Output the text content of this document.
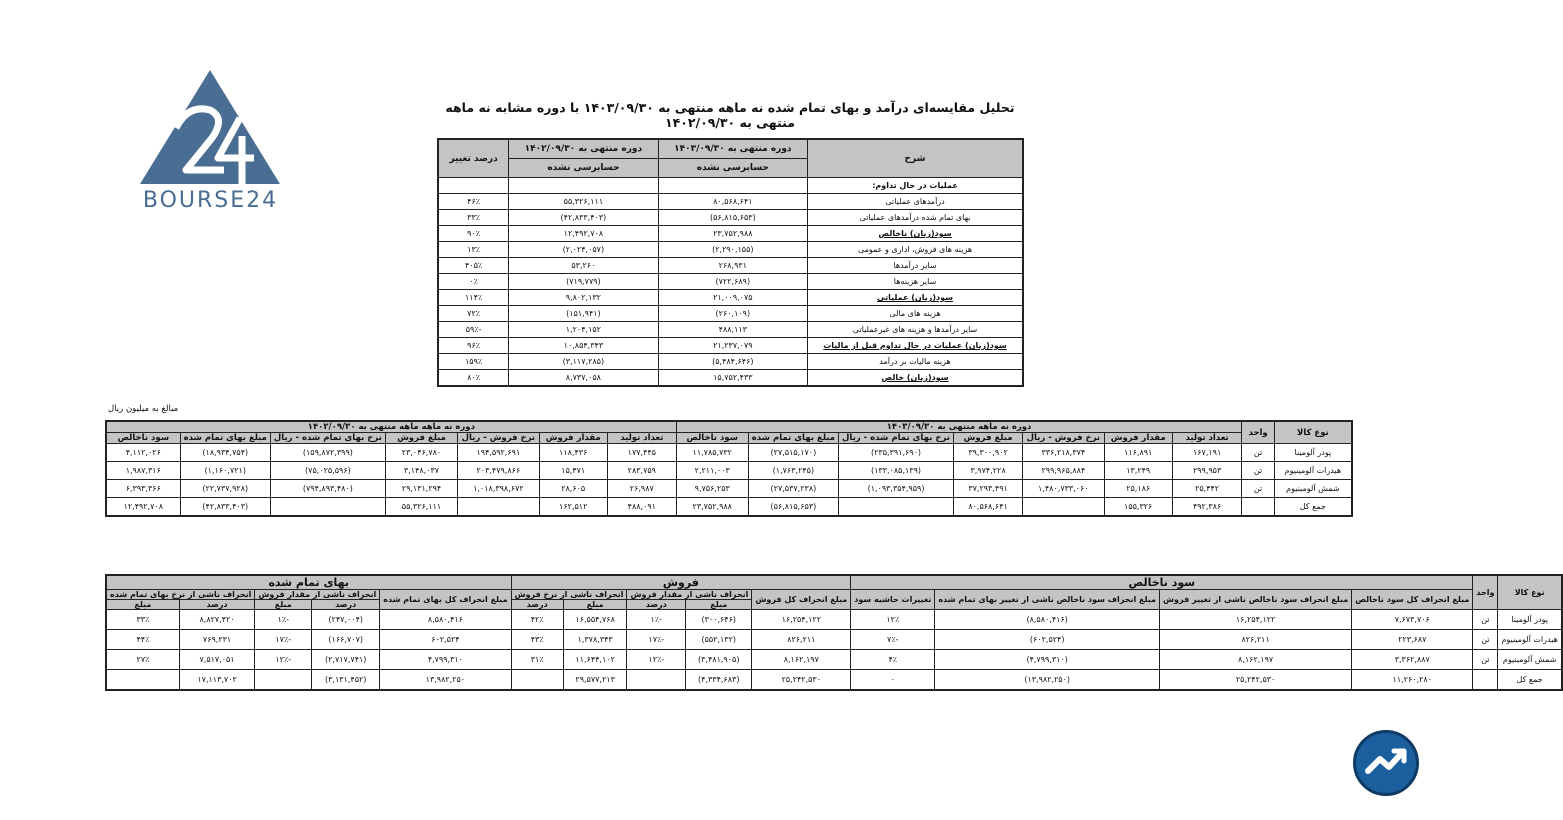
BOURSE24
تحلیل مقایسه‌ای درآمد و بهای تمام شده نه ماهه منتهی به ۱۴۰۳/۰۹/۳۰ با دوره مشابه نه ماهه منتهی به ۱۴۰۲/۰۹/۳۰
شرح	دوره منتهی به ۱۴۰۳/۰۹/۳۰	دوره منتهی به ۱۴۰۲/۰۹/۳۰	درصد تغییر
	حسابرسی نشده	حسابرسی نشده	
عملیات در حال تداوم:			
درآمدهای عملیاتی	۸۰,۵۶۸,۶۴۱	۵۵,۳۲۶,۱۱۱	۴۶٪
بهای تمام شده درآمدهای عملیاتی	(۵۶,۸۱۵,۶۵۳)	(۴۲,۸۳۳,۴۰۳)	۳۳٪
سود(زیان) ناخالص	۲۳,۷۵۲,۹۸۸	۱۲,۴۹۲,۷۰۸	۹۰٪
هزینه های فروش، اداری و عمومی	(۲,۲۹۰,۱۵۵)	(۲,۰۲۴,۰۵۷)	۱۳٪
سایر درآمدها	۲۶۸,۹۳۱	۵۳,۲۶۰	۴۰۵٪
سایر هزینه‌ها	(۷۲۲,۶۸۹)	(۷۱۹,۷۷۹)	۰٪
سود(زیان) عملیاتی	۲۱,۰۰۹,۰۷۵	۹,۸۰۲,۱۳۲	۱۱۴٪
هزینه های مالی	(۲۶۰,۱۰۹)	(۱۵۱,۹۴۱)	۷۲٪
سایر درآمدها و هزینه های غیرعملیاتی	۴۸۸,۱۱۳	۱,۲۰۴,۱۵۲	-۵۹٪
سود(زیان) عملیات در حال تداوم قبل از مالیات	۲۱,۲۳۷,۰۷۹	۱۰,۸۵۴,۳۴۳	۹۶٪
هزینه مالیات بر درآمد	(۵,۴۸۴,۶۴۶)	(۳,۱۱۷,۲۸۵)	۱۵۹٪
سود(زیان) خالص	۱۵,۷۵۲,۴۳۳	۸,۷۳۷,۰۵۸	۸۰٪
مبالغ به میلیون ریال
نوع کالا	واحد	دوره نه ماهه منتهی به ۱۴۰۳/۰۹/۳۰							دوره نه ماهه ماهه منتهی به ۱۴۰۲/۰۹/۳۰						
		تعداد تولید	مقدار فروش	نرخ فروش - ریال	مبلغ فروش	نرخ بهای تمام شده - ریال	مبلغ بهای تمام شده	سود ناخالص	تعداد تولید	مقدار فروش	نرخ فروش - ریال	مبلغ فروش	نرخ بهای تمام شده - ریال	مبلغ بهای تمام شده	سود ناخالص
پودر آلومینا	تن	۱۶۷,۱۹۱	۱۱۶,۸۹۱	۳۳۶,۲۱۸,۳۷۴	۳۹,۳۰۰,۹۰۲	(۲۳۵,۳۹۱,۶۹۰)	(۲۷,۵۱۵,۱۷۰)	۱۱,۷۸۵,۷۳۲	۱۷۷,۴۴۵	۱۱۸,۴۳۶	۱۹۴,۵۹۲,۶۹۱	۲۳,۰۴۶,۷۸۰	(۱۵۹,۸۷۲,۳۹۹)	(۱۸,۹۳۴,۷۵۴)	۴,۱۱۲,۰۲۶
هیدرات آلومینیوم	تن	۲۹۹,۹۵۳	۱۳,۲۴۹	۲۹۹,۹۶۵,۸۸۴	۳,۹۷۴,۲۲۸	(۱۳۳,۰۸۵,۱۳۹)	(۱,۷۶۳,۲۴۵)	۲,۲۱۱,۰۰۳	۲۸۳,۷۵۹	۱۵,۴۷۱	۲۰۳,۴۷۹,۸۶۶	۳,۱۴۸,۰۳۷	(۷۵,۰۲۵,۵۹۶)	(۱,۱۶۰,۷۲۱)	۱,۹۸۷,۳۱۶
شمش آلومینیوم	تن	۲۵,۴۴۲	۲۵,۱۸۶	۱,۴۸۰,۷۳۳,۰۶۰	۳۷,۲۹۳,۴۹۱	(۱,۰۹۳,۳۵۴,۹۵۹)	(۲۷,۵۳۷,۲۳۸)	۹,۷۵۶,۲۵۳	۲۶,۹۸۷	۲۸,۶۰۵	۱,۰۱۸,۳۹۸,۶۷۲	۲۹,۱۳۱,۲۹۴	(۷۹۴,۸۹۳,۴۸۰)	(۲۲,۷۳۷,۹۲۸)	۶,۳۹۳,۳۶۶
جمع کل		۴۹۲,۳۸۶	۱۵۵,۳۲۶		۸۰,۵۶۸,۶۴۱		(۵۶,۸۱۵,۶۵۳)	۲۳,۷۵۲,۹۸۸	۴۸۸,۰۹۱	۱۶۲,۵۱۲		۵۵,۳۲۶,۱۱۱		(۴۲,۸۳۳,۴۰۳)	۱۲,۴۹۲,۷۰۸
نوع کالا	واحد	سود ناخالص				فروش					بهای تمام شده				
		مبلغ انحراف کل سود ناخالص	مبلغ انحراف سود ناخالص ناشی از تغییر فروش	مبلغ انحراف سود ناخالص ناشی از تغییر بهای تمام شده	تغییرات حاشیه سود	مبلغ انحراف کل فروش	انحراف ناشی از مقدار فروش		انحراف ناشی از نرخ فروش		مبلغ انحراف کل بهای تمام شده	انحراف ناشی از مقدار فروش		انحراف ناشی از نرخ بهای تمام شده	
							مبلغ	درصد	مبلغ	درصد		درصد	مبلغ	درصد	مبلغ
پودر آلومینا	تن	۷,۶۷۳,۷۰۶	۱۶,۲۵۴,۱۲۲	(۸,۵۸۰,۴۱۶)	۱۲٪	۱۶,۲۵۴,۱۲۲	(۳۰۰,۶۴۶)	-۱٪	۱۶,۵۵۴,۷۶۸	۴۲٪	۸,۵۸۰,۴۱۶	(۲۴۷,۰۰۴)	-۱٪	۸,۸۲۷,۴۲۰	۳۳٪
هیدرات آلومینیوم	تن	۲۲۳,۶۸۷	۸۲۶,۲۱۱	(۶۰۲,۵۲۴)	-۷٪	۸۲۶,۲۱۱	(۵۵۲,۱۳۲)	-۱۷٪	۱,۳۷۸,۳۴۳	۴۳٪	۶۰۲,۵۲۴	(۱۶۶,۷۰۷)	-۱۷٪	۷۶۹,۲۳۱	۴۴٪
شمش آلومینیوم	تن	۳,۳۶۲,۸۸۷	۸,۱۶۲,۱۹۷	(۴,۷۹۹,۳۱۰)	۴٪	۸,۱۶۲,۱۹۷	(۳,۴۸۱,۹۰۵)	-۱۲٪	۱۱,۶۴۴,۱۰۲	۳۱٪	۴,۷۹۹,۳۱۰	(۲,۷۱۷,۷۴۱)	-۱۲٪	۷,۵۱۷,۰۵۱	۲۷٪
جمع کل		۱۱,۲۶۰,۲۸۰	۲۵,۲۴۲,۵۳۰	(۱۳,۹۸۲,۲۵۰)	۰	۲۵,۲۴۲,۵۳۰	(۴,۳۳۴,۶۸۳)		۲۹,۵۷۷,۲۱۳		۱۳,۹۸۲,۲۵۰	(۳,۱۳۱,۴۵۲)		۱۷,۱۱۳,۷۰۲	
